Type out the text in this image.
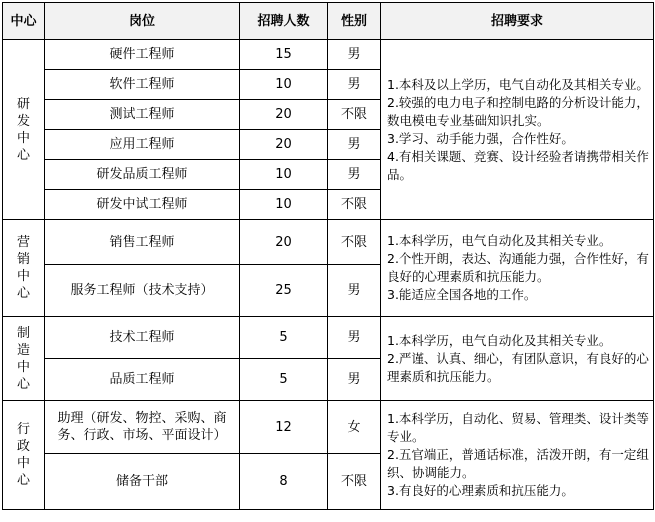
中心	岗位	招聘人数	性别	招聘要求

研发中心	硬件工程师	15	男	1.本科及以上学历，电气自动化及其相关专业。
2.较强的电力电子和控制电路的分析设计能力，数电模电专业基础知识扎实。
3.学习、动手能力强，合作性好。
4.有相关课题、竞赛、设计经验者请携带相关作品。

	软件工程师	10	男	
	测试工程师	20	不限	
	应用工程师	20	男	
	研发品质工程师	10	男	
	研发中试工程师	10	不限	

营销中心	销售工程师	20	不限	1.本科学历，电气自动化及其相关专业。
2.个性开朗，表达、沟通能力强，合作性好，有良好的心理素质和抗压能力。
3.能适应全国各地的工作。

	服务工程师（技术支持）	25	男	

制造中心	技术工程师	5	男	1.本科学历，电气自动化及其相关专业。
2.严谨、认真、细心，有团队意识，有良好的心理素质和抗压能力。

	品质工程师	5	男	

行政中心	助理（研发、物控、采购、商务、行政、市场、平面设计）	12	女	1.本科学历，自动化、贸易、管理类、设计类等专业。
2.五官端正，普通话标准，活泼开朗，有一定组织、协调能力。
3.有良好的心理素质和抗压能力。

	储备干部	8	不限	
